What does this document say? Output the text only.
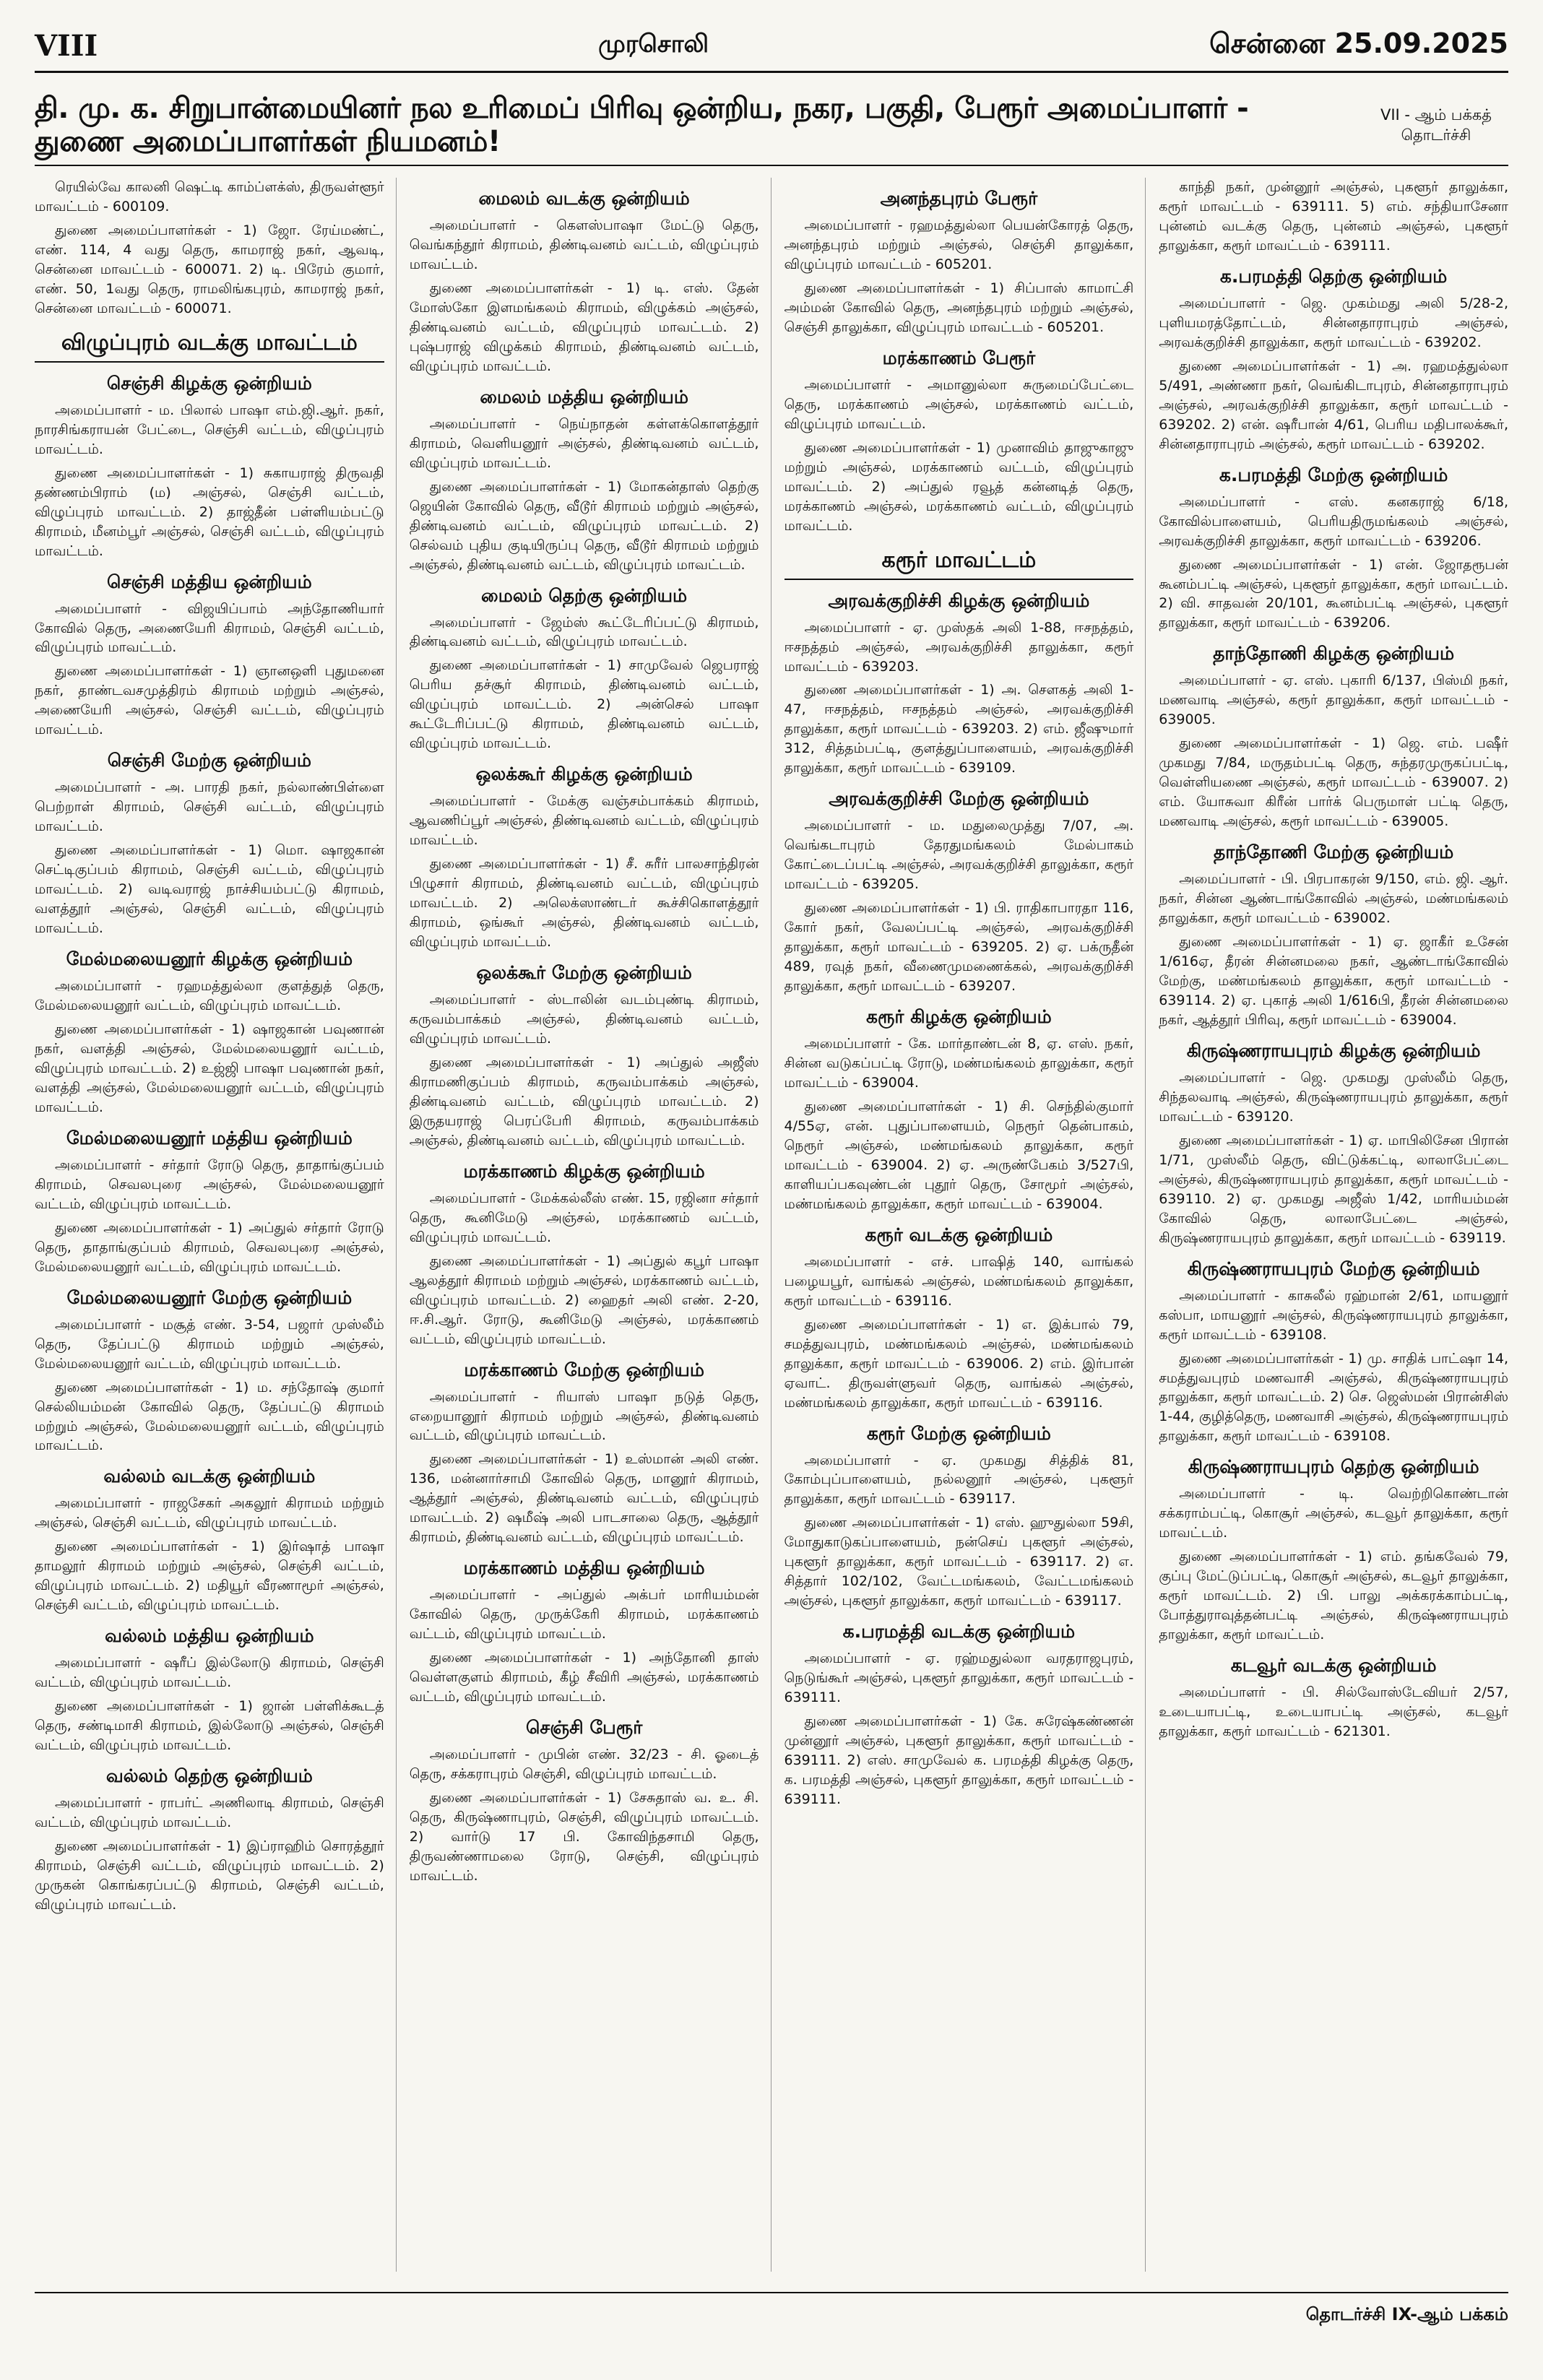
VIII	முரசொலி	சென்னை 25.09.2025
தி. மு. க. சிறுபான்மையினர் நல உரிமைப் பிரிவு ஒன்றிய, நகர, பகுதி, பேரூர் அமைப்பாளர் - துணை அமைப்பாளர்கள் நியமனம்!
VII - ஆம் பக்கத் தொடர்ச்சி
ரெயில்வே காலனி ஷெட்டி காம்ப்ளக்ஸ், திருவள்ளூர் மாவட்டம் - 600109.
துணை அமைப்பாளர்கள் - 1) ஜோ. ரேய்மண்ட், எண். 114, 4 வது தெரு, காமராஜ் நகர், ஆவடி, சென்னை மாவட்டம் - 600071. 2) டி. பிரேம் குமார், எண். 50, 1வது தெரு, ராமலிங்கபுரம், காமராஜ் நகர், சென்னை மாவட்டம் - 600071.
விழுப்புரம் வடக்கு மாவட்டம்
செஞ்சி கிழக்கு ஒன்றியம்
அமைப்பாளர் - ம. பிலால் பாஷா எம்.ஜி.ஆர். நகர், நாரசிங்கராயன் பேட்டை, செஞ்சி வட்டம், விழுப்புரம் மாவட்டம்.
துணை அமைப்பாளர்கள் - 1) சுகாயராஜ் திருவதி தண்ணம்பிராம் (ம) அஞ்சல், செஞ்சி வட்டம், விழுப்புரம் மாவட்டம். 2) தாஜ்தீன் பள்ளியம்பட்டு கிராமம், மீனம்பூர் அஞ்சல், செஞ்சி வட்டம், விழுப்புரம் மாவட்டம்.
செஞ்சி மத்திய ஒன்றியம்
அமைப்பாளர் - விஜயிப்பாம் அந்தோணியார் கோவில் தெரு, அணையேரி கிராமம், செஞ்சி வட்டம், விழுப்புரம் மாவட்டம்.
துணை அமைப்பாளர்கள் - 1) ஞானஒளி புதுமனை நகர், தாண்டவசமுத்திரம் கிராமம் மற்றும் அஞ்சல், அணையேரி அஞ்சல், செஞ்சி வட்டம், விழுப்புரம் மாவட்டம்.
செஞ்சி மேற்கு ஒன்றியம்
அமைப்பாளர் - அ. பாரதி நகர், நல்லாண்பிள்ளை பெற்றாள் கிராமம், செஞ்சி வட்டம், விழுப்புரம் மாவட்டம்.
துணை அமைப்பாளர்கள் - 1) மொ. ஷாஜகான் செட்டிகுப்பம் கிராமம், செஞ்சி வட்டம், விழுப்புரம் மாவட்டம். 2) வடிவராஜ் நாச்சியம்பட்டு கிராமம், வளத்தூர் அஞ்சல், செஞ்சி வட்டம், விழுப்புரம் மாவட்டம்.
மேல்மலையனூர் கிழக்கு ஒன்றியம்
அமைப்பாளர் - ரஹமத்துல்லா குளத்துத் தெரு, மேல்மலையனூர் வட்டம், விழுப்புரம் மாவட்டம்.
துணை அமைப்பாளர்கள் - 1) ஷாஜகான் பவுணான் நகர், வளத்தி அஞ்சல், மேல்மலையனூர் வட்டம், விழுப்புரம் மாவட்டம். 2) உஜ்ஜி பாஷா பவுணான் நகர், வளத்தி அஞ்சல், மேல்மலையனூர் வட்டம், விழுப்புரம் மாவட்டம்.
மேல்மலையனூர் மத்திய ஒன்றியம்
அமைப்பாளர் - சர்தார் ரோடு தெரு, தாதாங்குப்பம் கிராமம், செவலபுரை அஞ்சல், மேல்மலையனூர் வட்டம், விழுப்புரம் மாவட்டம்.
துணை அமைப்பாளர்கள் - 1) அப்துல் சர்தார் ரோடு தெரு, தாதாங்குப்பம் கிராமம், செவலபுரை அஞ்சல், மேல்மலையனூர் வட்டம், விழுப்புரம் மாவட்டம்.
மேல்மலையனூர் மேற்கு ஒன்றியம்
அமைப்பாளர் - மசூத் எண். 3-54, பஜார் முஸ்லீம் தெரு, தேப்பட்டு கிராமம் மற்றும் அஞ்சல், மேல்மலையனூர் வட்டம், விழுப்புரம் மாவட்டம்.
துணை அமைப்பாளர்கள் - 1) ம. சந்தோஷ் குமார் செல்லியம்மன் கோவில் தெரு, தேப்பட்டு கிராமம் மற்றும் அஞ்சல், மேல்மலையனூர் வட்டம், விழுப்புரம் மாவட்டம்.
வல்லம் வடக்கு ஒன்றியம்
அமைப்பாளர் - ராஜசேகர் அகலூர் கிராமம் மற்றும் அஞ்சல், செஞ்சி வட்டம், விழுப்புரம் மாவட்டம்.
துணை அமைப்பாளர்கள் - 1) இர்ஷாத் பாஷா தாமலூர் கிராமம் மற்றும் அஞ்சல், செஞ்சி வட்டம், விழுப்புரம் மாவட்டம். 2) மதியூர் வீரணாமூர் அஞ்சல், செஞ்சி வட்டம், விழுப்புரம் மாவட்டம்.
வல்லம் மத்திய ஒன்றியம்
அமைப்பாளர் - ஷரீப் இல்லோடு கிராமம், செஞ்சி வட்டம், விழுப்புரம் மாவட்டம்.
துணை அமைப்பாளர்கள் - 1) ஜான் பள்ளிக்கூடத் தெரு, சண்டிமாசி கிராமம், இல்லோடு அஞ்சல், செஞ்சி வட்டம், விழுப்புரம் மாவட்டம்.
வல்லம் தெற்கு ஒன்றியம்
அமைப்பாளர் - ராபர்ட் அணிலாடி கிராமம், செஞ்சி வட்டம், விழுப்புரம் மாவட்டம்.
துணை அமைப்பாளர்கள் - 1) இப்ராஹிம் சொரத்தூர் கிராமம், செஞ்சி வட்டம், விழுப்புரம் மாவட்டம். 2) முருகன் கொங்கரப்பட்டு கிராமம், செஞ்சி வட்டம், விழுப்புரம் மாவட்டம்.
மைலம் வடக்கு ஒன்றியம்
அமைப்பாளர் - கௌஸ்பாஷா மேட்டு தெரு, வெங்கந்தூர் கிராமம், திண்டிவனம் வட்டம், விழுப்புரம் மாவட்டம்.
துணை அமைப்பாளர்கள் - 1) டி. எஸ். தேன் மோஸ்கோ இளமங்கலம் கிராமம், விழுக்கம் அஞ்சல், திண்டிவனம் வட்டம், விழுப்புரம் மாவட்டம். 2) புஷ்பராஜ் விழுக்கம் கிராமம், திண்டிவனம் வட்டம், விழுப்புரம் மாவட்டம்.
மைலம் மத்திய ஒன்றியம்
அமைப்பாளர் - நெய்நாதன் கள்ளக்கொளத்தூர் கிராமம், வெளியனூர் அஞ்சல், திண்டிவனம் வட்டம், விழுப்புரம் மாவட்டம்.
துணை அமைப்பாளர்கள் - 1) மோகன்தாஸ் தெற்கு ஜெயின் கோவில் தெரு, வீடூர் கிராமம் மற்றும் அஞ்சல், திண்டிவனம் வட்டம், விழுப்புரம் மாவட்டம். 2) செல்வம் புதிய குடியிருப்பு தெரு, வீடூர் கிராமம் மற்றும் அஞ்சல், திண்டிவனம் வட்டம், விழுப்புரம் மாவட்டம்.
மைலம் தெற்கு ஒன்றியம்
அமைப்பாளர் - ஜேம்ஸ் கூட்டேரிப்பட்டு கிராமம், திண்டிவனம் வட்டம், விழுப்புரம் மாவட்டம்.
துணை அமைப்பாளர்கள் - 1) சாமுவேல் ஜெபராஜ் பெரிய தச்சூர் கிராமம், திண்டிவனம் வட்டம், விழுப்புரம் மாவட்டம். 2) அன்செல் பாஷா கூட்டேரிப்பட்டு கிராமம், திண்டிவனம் வட்டம், விழுப்புரம் மாவட்டம்.
ஒலக்கூர் கிழக்கு ஒன்றியம்
அமைப்பாளர் - மேக்கு வஞ்சம்பாக்கம் கிராமம், ஆவணிப்பூர் அஞ்சல், திண்டிவனம் வட்டம், விழுப்புரம் மாவட்டம்.
துணை அமைப்பாளர்கள் - 1) சீ. சுரீர் பாலசாந்திரன் பிழுசார் கிராமம், திண்டிவனம் வட்டம், விழுப்புரம் மாவட்டம். 2) அலெக்ஸாண்டர் கூச்சிகொளத்தூர் கிராமம், ஒங்கூர் அஞ்சல், திண்டிவனம் வட்டம், விழுப்புரம் மாவட்டம்.
ஒலக்கூர் மேற்கு ஒன்றியம்
அமைப்பாளர் - ஸ்டாலின் வடம்புண்டி கிராமம், கருவம்பாக்கம் அஞ்சல், திண்டிவனம் வட்டம், விழுப்புரம் மாவட்டம்.
துணை அமைப்பாளர்கள் - 1) அப்துல் அஜீஸ் கிராமணிகுப்பம் கிராமம், கருவம்பாக்கம் அஞ்சல், திண்டிவனம் வட்டம், விழுப்புரம் மாவட்டம். 2) இருதயராஜ் பெரப்பேரி கிராமம், கருவம்பாக்கம் அஞ்சல், திண்டிவனம் வட்டம், விழுப்புரம் மாவட்டம்.
மரக்காணம் கிழக்கு ஒன்றியம்
அமைப்பாளர் - மேக்கல்லீஸ் எண். 15, ரஜினா சர்தார் தெரு, கூனிமேடு அஞ்சல், மரக்காணம் வட்டம், விழுப்புரம் மாவட்டம்.
துணை அமைப்பாளர்கள் - 1) அப்துல் கபூர் பாஷா ஆலத்தூர் கிராமம் மற்றும் அஞ்சல், மரக்காணம் வட்டம், விழுப்புரம் மாவட்டம். 2) ஹைதர் அலி எண். 2-20, ஈ.சி.ஆர். ரோடு, கூனிமேடு அஞ்சல், மரக்காணம் வட்டம், விழுப்புரம் மாவட்டம்.
மரக்காணம் மேற்கு ஒன்றியம்
அமைப்பாளர் - ரியாஸ் பாஷா நடுத் தெரு, எறையானூர் கிராமம் மற்றும் அஞ்சல், திண்டிவனம் வட்டம், விழுப்புரம் மாவட்டம்.
துணை அமைப்பாளர்கள் - 1) உஸ்மான் அலி எண். 136, மன்னார்சாமி கோவில் தெரு, மானூர் கிராமம், ஆத்தூர் அஞ்சல், திண்டிவனம் வட்டம், விழுப்புரம் மாவட்டம். 2) ஷமீஷ் அலி பாடசாலை தெரு, ஆத்தூர் கிராமம், திண்டிவனம் வட்டம், விழுப்புரம் மாவட்டம்.
மரக்காணம் மத்திய ஒன்றியம்
அமைப்பாளர் - அப்துல் அக்பர் மாரியம்மன் கோவில் தெரு, முருக்கேரி கிராமம், மரக்காணம் வட்டம், விழுப்புரம் மாவட்டம்.
துணை அமைப்பாளர்கள் - 1) அந்தோனி தாஸ் வெள்ளகுளம் கிராமம், கீழ் சீவிரி அஞ்சல், மரக்காணம் வட்டம், விழுப்புரம் மாவட்டம்.
செஞ்சி பேரூர்
அமைப்பாளர் - முபின் எண். 32/23 - சி. ஓடைத் தெரு, சக்கராபுரம் செஞ்சி, விழுப்புரம் மாவட்டம்.
துணை அமைப்பாளர்கள் - 1) சேசுதாஸ் வ. உ. சி. தெரு, கிருஷ்ணாபுரம், செஞ்சி, விழுப்புரம் மாவட்டம். 2) வார்டு 17 பி. கோவிந்தசாமி தெரு, திருவண்ணாமலை ரோடு, செஞ்சி, விழுப்புரம் மாவட்டம்.
அனந்தபுரம் பேரூர்
அமைப்பாளர் - ரஹமத்துல்லா பெயன்கோரத் தெரு, அனந்தபுரம் மற்றும் அஞ்சல், செஞ்சி தாலுக்கா, விழுப்புரம் மாவட்டம் - 605201.
துணை அமைப்பாளர்கள் - 1) சிப்பாஸ் காமாட்சி அம்மன் கோவில் தெரு, அனந்தபுரம் மற்றும் அஞ்சல், செஞ்சி தாலுக்கா, விழுப்புரம் மாவட்டம் - 605201.
மரக்காணம் பேரூர்
அமைப்பாளர் - அமானுல்லா சுருமைப்பேட்டை தெரு, மரக்காணம் அஞ்சல், மரக்காணம் வட்டம், விழுப்புரம் மாவட்டம்.
துணை அமைப்பாளர்கள் - 1) முனாவிம் தாஜுகாஜு மற்றும் அஞ்சல், மரக்காணம் வட்டம், விழுப்புரம் மாவட்டம். 2) அப்துல் ரவூத் கன்னடித் தெரு, மரக்காணம் அஞ்சல், மரக்காணம் வட்டம், விழுப்புரம் மாவட்டம்.
கரூர் மாவட்டம்
அரவக்குறிச்சி கிழக்கு ஒன்றியம்
அமைப்பாளர் - ஏ. முஸ்தக் அலி 1-88, ஈசநத்தம், ஈசநத்தம் அஞ்சல், அரவக்குறிச்சி தாலுக்கா, கரூர் மாவட்டம் - 639203.
துணை அமைப்பாளர்கள் - 1) அ. செளகத் அலி 1-47, ஈசநத்தம், ஈசநத்தம் அஞ்சல், அரவக்குறிச்சி தாலுக்கா, கரூர் மாவட்டம் - 639203. 2) எம். ஜீஷுமார் 312, சித்தம்பட்டி, குளத்துப்பாளையம், அரவக்குறிச்சி தாலுக்கா, கரூர் மாவட்டம் - 639109.
அரவக்குறிச்சி மேற்கு ஒன்றியம்
அமைப்பாளர் - ம. மதுலைமுத்து 7/07, அ. வெங்கடாபுரம் தேரதுமங்கலம் மேல்பாகம் கோட்டைப்பட்டி அஞ்சல், அரவக்குறிச்சி தாலுக்கா, கரூர் மாவட்டம் - 639205.
துணை அமைப்பாளர்கள் - 1) பி. ராதிகாபாரதா 116, கோர் நகர், வேலப்பட்டி அஞ்சல், அரவக்குறிச்சி தாலுக்கா, கரூர் மாவட்டம் - 639205. 2) ஏ. பக்ருதீன் 489, ரவுத் நகர், வீணைமுமணைக்கல், அரவக்குறிச்சி தாலுக்கா, கரூர் மாவட்டம் - 639207.
கரூர் கிழக்கு ஒன்றியம்
அமைப்பாளர் - கே. மார்தாண்டன் 8, ஏ. எஸ். நகர், சின்ன வடுகப்பட்டி ரோடு, மண்மங்கலம் தாலுக்கா, கரூர் மாவட்டம் - 639004.
துணை அமைப்பாளர்கள் - 1) சி. செந்தில்குமார் 4/55ஏ, என். புதுப்பாளையம், நெரூர் தென்பாகம், நெரூர் அஞ்சல், மண்மங்கலம் தாலுக்கா, கரூர் மாவட்டம் - 639004. 2) ஏ. அருண்பேகம் 3/527பி, காளியப்பகவுண்டன் புதூர் தெரு, சோமூர் அஞ்சல், மண்மங்கலம் தாலுக்கா, கரூர் மாவட்டம் - 639004.
கரூர் வடக்கு ஒன்றியம்
அமைப்பாளர் - எச். பாஷித் 140, வாங்கல் பழையபூர், வாங்கல் அஞ்சல், மண்மங்கலம் தாலுக்கா, கரூர் மாவட்டம் - 639116.
துணை அமைப்பாளர்கள் - 1) எ. இக்பால் 79, சமத்துவபுரம், மண்மங்கலம் அஞ்சல், மண்மங்கலம் தாலுக்கா, கரூர் மாவட்டம் - 639006. 2) எம். இர்பான் ஏவாட். திருவள்ளுவர் தெரு, வாங்கல் அஞ்சல், மண்மங்கலம் தாலுக்கா, கரூர் மாவட்டம் - 639116.
கரூர் மேற்கு ஒன்றியம்
அமைப்பாளர் - ஏ. முகமது சித்திக் 81, கோம்புப்பாளையம், நல்லனூர் அஞ்சல், புகளூர் தாலுக்கா, கரூர் மாவட்டம் - 639117.
துணை அமைப்பாளர்கள் - 1) எஸ். ஹுதுல்லா 59சி, மோதுகாடுகப்பாளையம், நன்செய் புகளூர் அஞ்சல், புகளூர் தாலுக்கா, கரூர் மாவட்டம் - 639117. 2) எ. சித்தார் 102/102, வேட்டமங்கலம், வேட்டமங்கலம் அஞ்சல், புகளூர் தாலுக்கா, கரூர் மாவட்டம் - 639117.
க.பரமத்தி வடக்கு ஒன்றியம்
அமைப்பாளர் - ஏ. ரஹ்மதுல்லா வரதராஜபுரம், நெடுங்கூர் அஞ்சல், புகளூர் தாலுக்கா, கரூர் மாவட்டம் - 639111.
துணை அமைப்பாளர்கள் - 1) கே. சுரேஷ்கண்ணன் முன்னூர் அஞ்சல், புகளூர் தாலுக்கா, கரூர் மாவட்டம் - 639111. 2) எஸ். சாமுவேல் க. பரமத்தி கிழக்கு தெரு, க. பரமத்தி அஞ்சல், புகளூர் தாலுக்கா, கரூர் மாவட்டம் - 639111.
காந்தி நகர், முன்னூர் அஞ்சல், புகளூர் தாலுக்கா, கரூர் மாவட்டம் - 639111. 5) எம். சந்தியாசேனா புன்னம் வடக்கு தெரு, புன்னம் அஞ்சல், புகளூர் தாலுக்கா, கரூர் மாவட்டம் - 639111.
க.பரமத்தி தெற்கு ஒன்றியம்
அமைப்பாளர் - ஜெ. முகம்மது அலி 5/28-2, புளியமரத்தோட்டம், சின்னதாராபுரம் அஞ்சல், அரவக்குறிச்சி தாலுக்கா, கரூர் மாவட்டம் - 639202.
துணை அமைப்பாளர்கள் - 1) அ. ரஹமத்துல்லா 5/491, அண்ணா நகர், வெங்கிடாபுரம், சின்னதாராபுரம் அஞ்சல், அரவக்குறிச்சி தாலுக்கா, கரூர் மாவட்டம் - 639202. 2) என். ஷரீபான் 4/61, பெரிய மதிபாலக்கூர், சின்னதாராபுரம் அஞ்சல், கரூர் மாவட்டம் - 639202.
க.பரமத்தி மேற்கு ஒன்றியம்
அமைப்பாளர் - எஸ். கனகராஜ் 6/18, கோவில்பாளையம், பெரியதிருமங்கலம் அஞ்சல், அரவக்குறிச்சி தாலுக்கா, கரூர் மாவட்டம் - 639206.
துணை அமைப்பாளர்கள் - 1) என். ஜோதரூபன் கூனம்பட்டி அஞ்சல், புகளூர் தாலுக்கா, கரூர் மாவட்டம். 2) வி. சாதவன் 20/101, கூனம்பட்டி அஞ்சல், புகளூர் தாலுக்கா, கரூர் மாவட்டம் - 639206.
தாந்தோணி கிழக்கு ஒன்றியம்
அமைப்பாளர் - ஏ. எஸ். புகாரி 6/137, பிஸ்மி நகர், மணவாடி அஞ்சல், கரூர் தாலுக்கா, கரூர் மாவட்டம் - 639005.
துணை அமைப்பாளர்கள் - 1) ஜெ. எம். பஷீர் முகமது 7/84, மருதம்பட்டி தெரு, சுந்தரமுருகப்பட்டி, வெள்ளியணை அஞ்சல், கரூர் மாவட்டம் - 639007. 2) எம். யோசுவா கிரீன் பார்க் பெருமாள் பட்டி தெரு, மணவாடி அஞ்சல், கரூர் மாவட்டம் - 639005.
தாந்தோணி மேற்கு ஒன்றியம்
அமைப்பாளர் - பி. பிரபாகரன் 9/150, எம். ஜி. ஆர். நகர், சின்ன ஆண்டாங்கோவில் அஞ்சல், மண்மங்கலம் தாலுக்கா, கரூர் மாவட்டம் - 639002.
துணை அமைப்பாளர்கள் - 1) ஏ. ஜாகீர் உசேன் 1/616ஏ, தீரன் சின்னமலை நகர், ஆண்டாங்கோவில் மேற்கு, மண்மங்கலம் தாலுக்கா, கரூர் மாவட்டம் - 639114. 2) ஏ. புகாத் அலி 1/616பி, தீரன் சின்னமலை நகர், ஆத்தூர் பிரிவு, கரூர் மாவட்டம் - 639004.
கிருஷ்ணராயபுரம் கிழக்கு ஒன்றியம்
அமைப்பாளர் - ஜெ. முகமது முஸ்லீம் தெரு, சிந்தலவாடி அஞ்சல், கிருஷ்ணராயபுரம் தாலுக்கா, கரூர் மாவட்டம் - 639120.
துணை அமைப்பாளர்கள் - 1) ஏ. மாபிலிசேன பிரான் 1/71, முஸ்லீம் தெரு, விட்டுக்கட்டி, லாலாபேட்டை அஞ்சல், கிருஷ்ணராயபுரம் தாலுக்கா, கரூர் மாவட்டம் - 639110. 2) ஏ. முகமது அஜீஸ் 1/42, மாரியம்மன் கோவில் தெரு, லாலாபேட்டை அஞ்சல், கிருஷ்ணராயபுரம் தாலுக்கா, கரூர் மாவட்டம் - 639119.
கிருஷ்ணராயபுரம் மேற்கு ஒன்றியம்
அமைப்பாளர் - காசுலீல் ரஹ்மான் 2/61, மாயனூர் கஸ்பா, மாயனூர் அஞ்சல், கிருஷ்ணராயபுரம் தாலுக்கா, கரூர் மாவட்டம் - 639108.
துணை அமைப்பாளர்கள் - 1) மு. சாதிக் பாட்ஷா 14, சமத்துவபுரம் மணவாசி அஞ்சல், கிருஷ்ணராயபுரம் தாலுக்கா, கரூர் மாவட்டம். 2) செ. ஜெஸ்மன் பிரான்சிஸ் 1-44, குழித்தெரு, மணவாசி அஞ்சல், கிருஷ்ணராயபுரம் தாலுக்கா, கரூர் மாவட்டம் - 639108.
கிருஷ்ணராயபுரம் தெற்கு ஒன்றியம்
அமைப்பாளர் - டி. வெற்றிகொண்டான் சக்கராம்பட்டி, கொசூர் அஞ்சல், கடவூர் தாலுக்கா, கரூர் மாவட்டம்.
துணை அமைப்பாளர்கள் - 1) எம். தங்கவேல் 79, குப்பு மேட்டுப்பட்டி, கொசூர் அஞ்சல், கடவூர் தாலுக்கா, கரூர் மாவட்டம். 2) பி. பாலு அக்கரக்காம்பட்டி, போத்துராவுத்தன்பட்டி அஞ்சல், கிருஷ்ணராயபுரம் தாலுக்கா, கரூர் மாவட்டம்.
கடவூர் வடக்கு ஒன்றியம்
அமைப்பாளர் - பி. சில்வோஸ்டேவியர் 2/57, உடையாபட்டி, உடையாபட்டி அஞ்சல், கடவூர் தாலுக்கா, கரூர் மாவட்டம் - 621301.
தொடர்ச்சி IX-ஆம் பக்கம்
